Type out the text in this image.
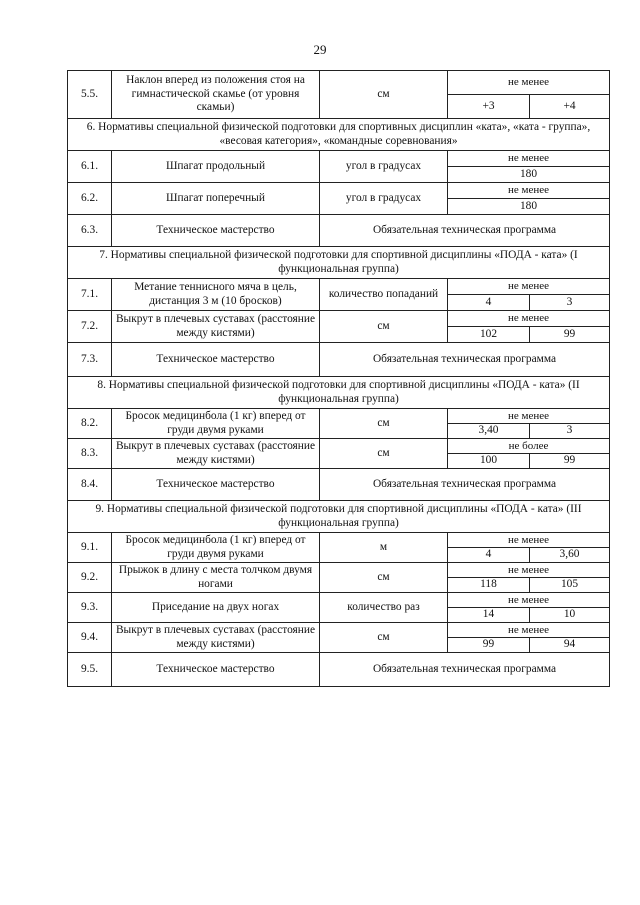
29
5.5.	Наклон вперед из положения стоя на гимнастической скамье (от уровня скамьи)	см	не менее	
			+3	+4
6. Нормативы специальной физической подготовки для спортивных дисциплин «ката», «ката - группа», «весовая категория», «командные соревнования»				
6.1.	Шпагат продольный	угол в градусах	не менее	
			180	
6.2.	Шпагат поперечный	угол в градусах	не менее	
			180	
6.3.	Техническое мастерство	Обязательная техническая программа		
7. Нормативы специальной физической подготовки для спортивной дисциплины «ПОДА - ката» (I функциональная группа)				
7.1.	Метание теннисного мяча в цель, дистанция 3 м (10 бросков)	количество попаданий	не менее	
			4	3
7.2.	Выкрут в плечевых суставах (расстояние между кистями)	см	не менее	
			102	99
7.3.	Техническое мастерство	Обязательная техническая программа		
8. Нормативы специальной физической подготовки для спортивной дисциплины «ПОДА - ката» (II функциональная группа)				
8.2.	Бросок медицинбола (1 кг) вперед от груди двумя руками	см	не менее	
			3,40	3
8.3.	Выкрут в плечевых суставах (расстояние между кистями)	см	не более	
			100	99
8.4.	Техническое мастерство	Обязательная техническая программа		
9. Нормативы специальной физической подготовки для спортивной дисциплины «ПОДА - ката» (III функциональная группа)				
9.1.	Бросок медицинбола (1 кг) вперед от груди двумя руками	м	не менее	
			4	3,60
9.2.	Прыжок в длину с места толчком двумя ногами	см	не менее	
			118	105
9.3.	Приседание на двух ногах	количество раз	не менее	
			14	10
9.4.	Выкрут в плечевых суставах (расстояние между кистями)	см	не менее	
			99	94
9.5.	Техническое мастерство	Обязательная техническая программа		
